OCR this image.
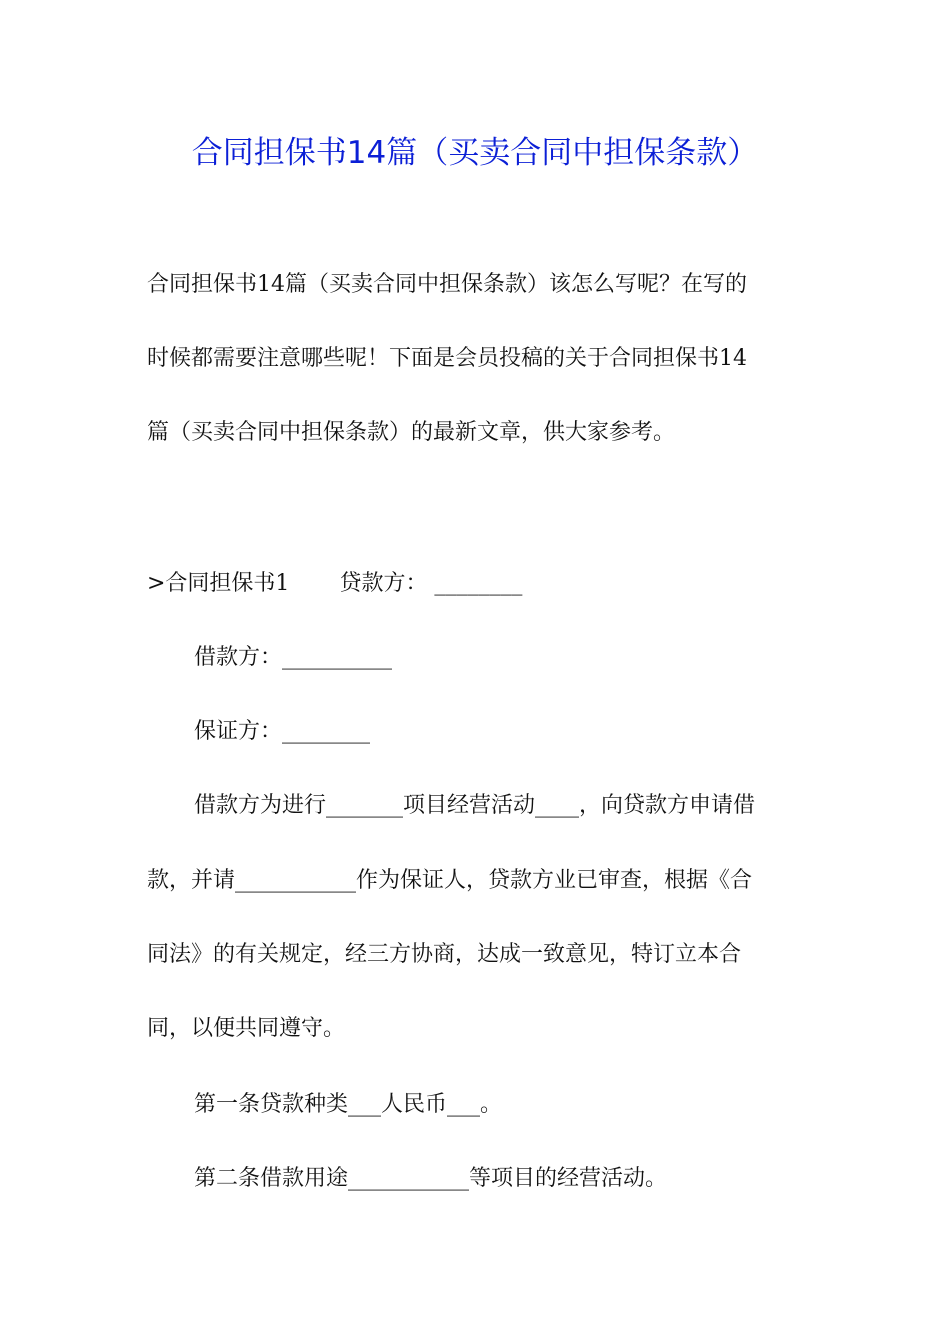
合同担保书14篇（买卖合同中担保条款）

合同担保书14篇（买卖合同中担保条款）该怎么写呢？在写的

时候都需要注意哪些呢！下面是会员投稿的关于合同担保书14

篇（买卖合同中担保条款）的最新文章，供大家参考。

>合同担保书1 贷款方： ________

借款方：__________

保证方：________

借款方为进行_______项目经营活动____，向贷款方申请借

款，并请___________作为保证人，贷款方业已审查，根据《合

同法》的有关规定，经三方协商，达成一致意见，特订立本合

同，以便共同遵守。

第一条贷款种类___人民币___。

第二条借款用途___________等项目的经营活动。
